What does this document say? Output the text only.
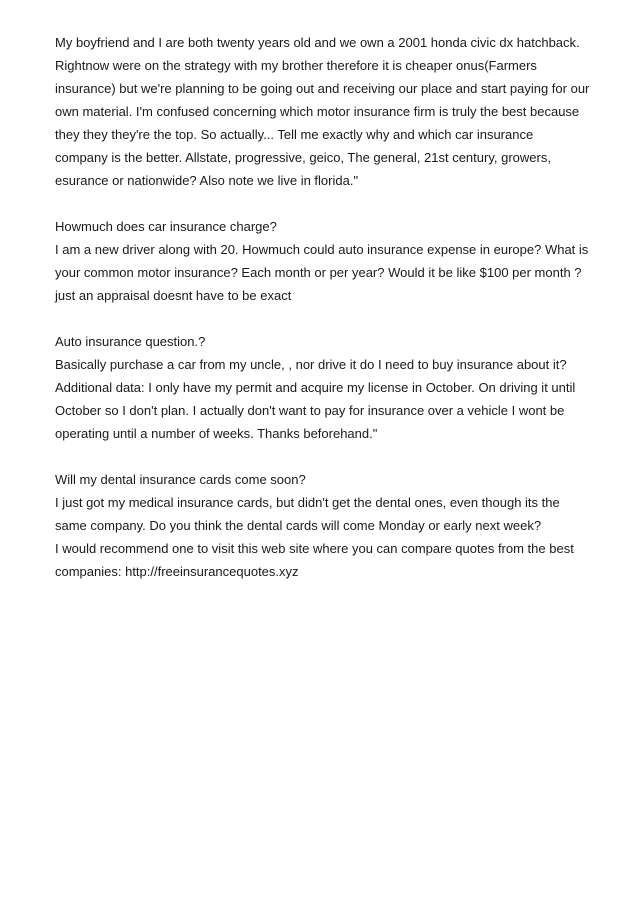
My boyfriend and I are both twenty years old and we own a 2001 honda civic dx hatchback.
Rightnow were on the strategy with my brother therefore it is cheaper onus(Farmers
insurance) but we're planning to be going out and receiving our place and start paying for our
own material. I'm confused concerning which motor insurance firm is truly the best because
they they they're the top. So actually... Tell me exactly why and which car insurance
company is the better. Allstate, progressive, geico, The general, 21st century, growers,
esurance or nationwide? Also note we live in florida."
Howmuch does car insurance charge?
I am a new driver along with 20. Howmuch could auto insurance expense in europe? What is
your common motor insurance? Each month or per year? Would it be like $100 per month ?
just an appraisal doesnt have to be exact
Auto insurance question.?
Basically purchase a car from my uncle, , nor drive it do I need to buy insurance about it?
Additional data: I only have my permit and acquire my license in October. On driving it until
October so I don't plan. I actually don't want to pay for insurance over a vehicle I wont be
operating until a number of weeks. Thanks beforehand."
Will my dental insurance cards come soon?
I just got my medical insurance cards, but didn't get the dental ones, even though its the
same company. Do you think the dental cards will come Monday or early next week?
I would recommend one to visit this web site where you can compare quotes from the best
companies: http://freeinsurancequotes.xyz
